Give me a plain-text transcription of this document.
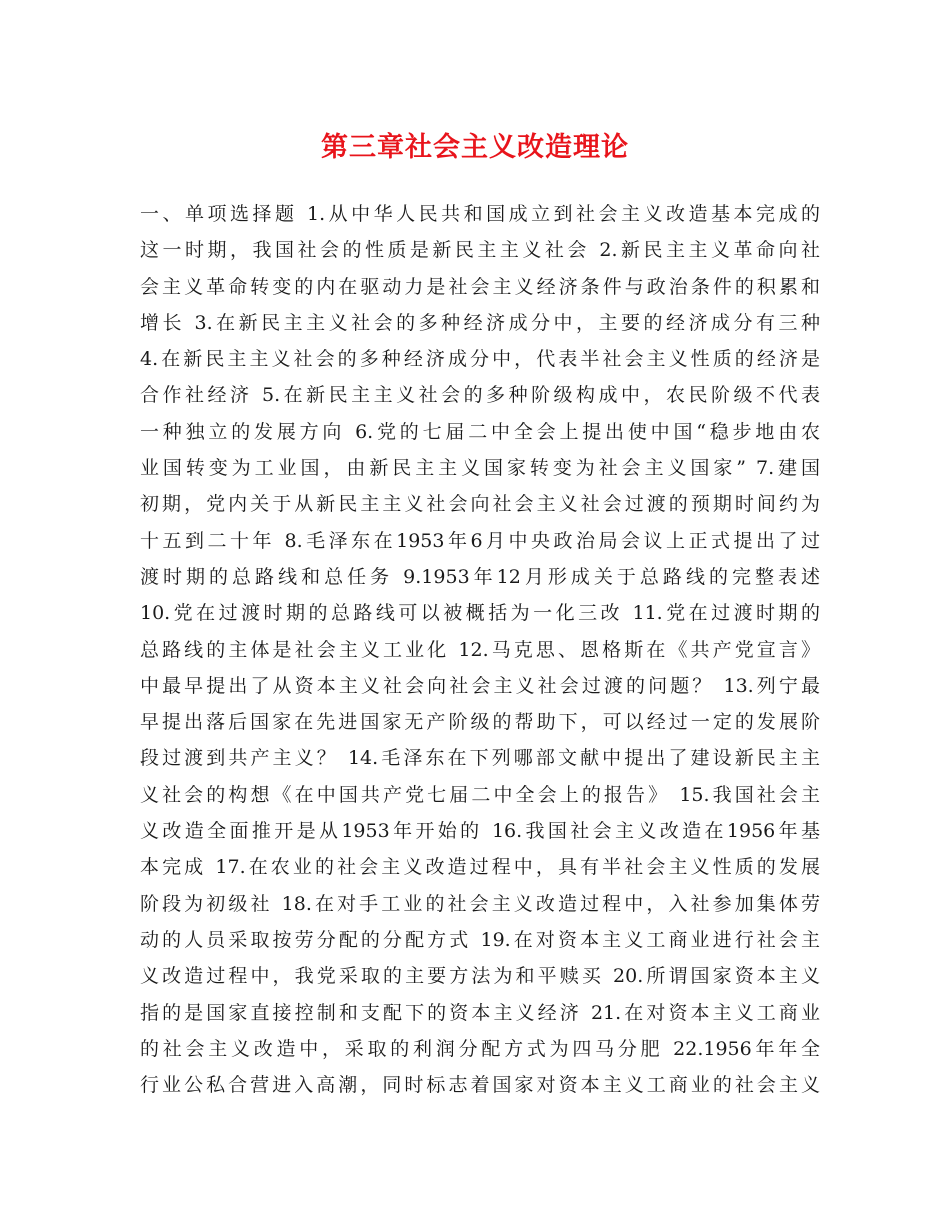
第三章社会主义改造理论
一、单项选择题 1.从中华人民共和国成立到社会主义改造基本完成的
这一时期，我国社会的性质是新民主主义社会 2.新民主主义革命向社
会主义革命转变的内在驱动力是社会主义经济条件与政治条件的积累和
增长 3.在新民主主义社会的多种经济成分中，主要的经济成分有三种
4.在新民主主义社会的多种经济成分中，代表半社会主义性质的经济是
合作社经济 5.在新民主主义社会的多种阶级构成中，农民阶级不代表
一种独立的发展方向 6.党的七届二中全会上提出使中国“稳步地由农
业国转变为工业国，由新民主主义国家转变为社会主义国家” 7.建国
初期，党内关于从新民主主义社会向社会主义社会过渡的预期时间约为
十五到二十年 8.毛泽东在1953年6月中央政治局会议上正式提出了过
渡时期的总路线和总任务 9.1953年12月形成关于总路线的完整表述
10.党在过渡时期的总路线可以被概括为一化三改 11.党在过渡时期的
总路线的主体是社会主义工业化 12.马克思、恩格斯在《共产党宣言》
中最早提出了从资本主义社会向社会主义社会过渡的问题？ 13.列宁最
早提出落后国家在先进国家无产阶级的帮助下，可以经过一定的发展阶
段过渡到共产主义？ 14.毛泽东在下列哪部文献中提出了建设新民主主
义社会的构想《在中国共产党七届二中全会上的报告》 15.我国社会主
义改造全面推开是从1953年开始的 16.我国社会主义改造在1956年基
本完成 17.在农业的社会主义改造过程中，具有半社会主义性质的发展
阶段为初级社 18.在对手工业的社会主义改造过程中，入社参加集体劳
动的人员采取按劳分配的分配方式 19.在对资本主义工商业进行社会主
义改造过程中，我党采取的主要方法为和平赎买 20.所谓国家资本主义
指的是国家直接控制和支配下的资本主义经济 21.在对资本主义工商业
的社会主义改造中，采取的利润分配方式为四马分肥 22.1956年年全
行业公私合营进入高潮，同时标志着国家对资本主义工商业的社会主义
